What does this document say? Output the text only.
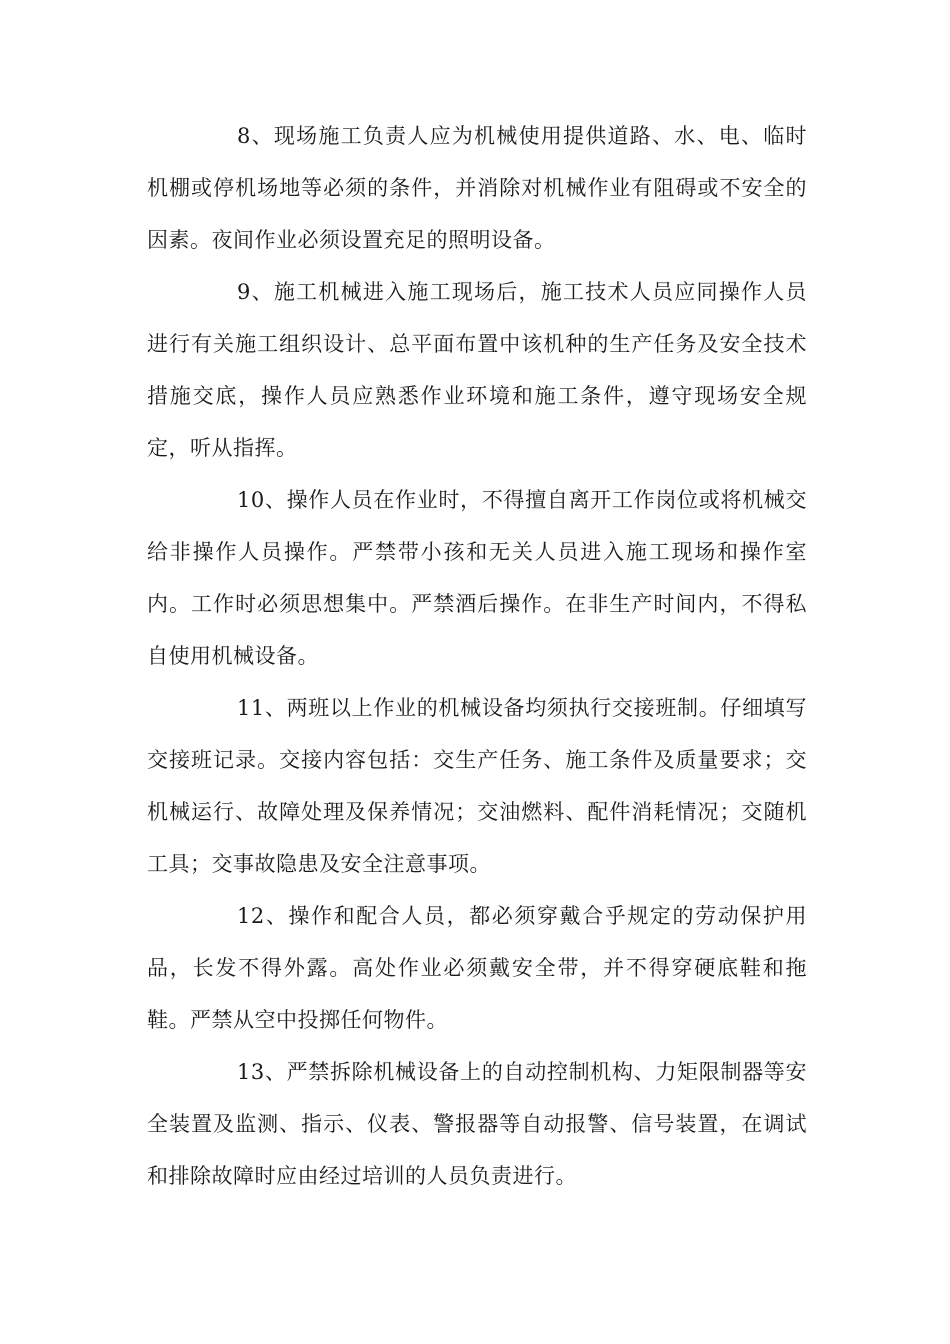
8、现场施工负责人应为机械使用提供道路、水、电、临时机棚或停机场地等必须的条件，并消除对机械作业有阻碍或不安全的因素。夜间作业必须设置充足的照明设备。

9、施工机械进入施工现场后，施工技术人员应同操作人员进行有关施工组织设计、总平面布置中该机种的生产任务及安全技术措施交底，操作人员应熟悉作业环境和施工条件，遵守现场安全规定，听从指挥。

10、操作人员在作业时，不得擅自离开工作岗位或将机械交给非操作人员操作。严禁带小孩和无关人员进入施工现场和操作室内。工作时必须思想集中。严禁酒后操作。在非生产时间内，不得私自使用机械设备。

11、两班以上作业的机械设备均须执行交接班制。仔细填写交接班记录。交接内容包括：交生产任务、施工条件及质量要求；交机械运行、故障处理及保养情况；交油燃料、配件消耗情况；交随机工具；交事故隐患及安全注意事项。

12、操作和配合人员，都必须穿戴合乎规定的劳动保护用品，长发不得外露。高处作业必须戴安全带，并不得穿硬底鞋和拖鞋。严禁从空中投掷任何物件。

13、严禁拆除机械设备上的自动控制机构、力矩限制器等安全装置及监测、指示、仪表、警报器等自动报警、信号装置，在调试和排除故障时应由经过培训的人员负责进行。
